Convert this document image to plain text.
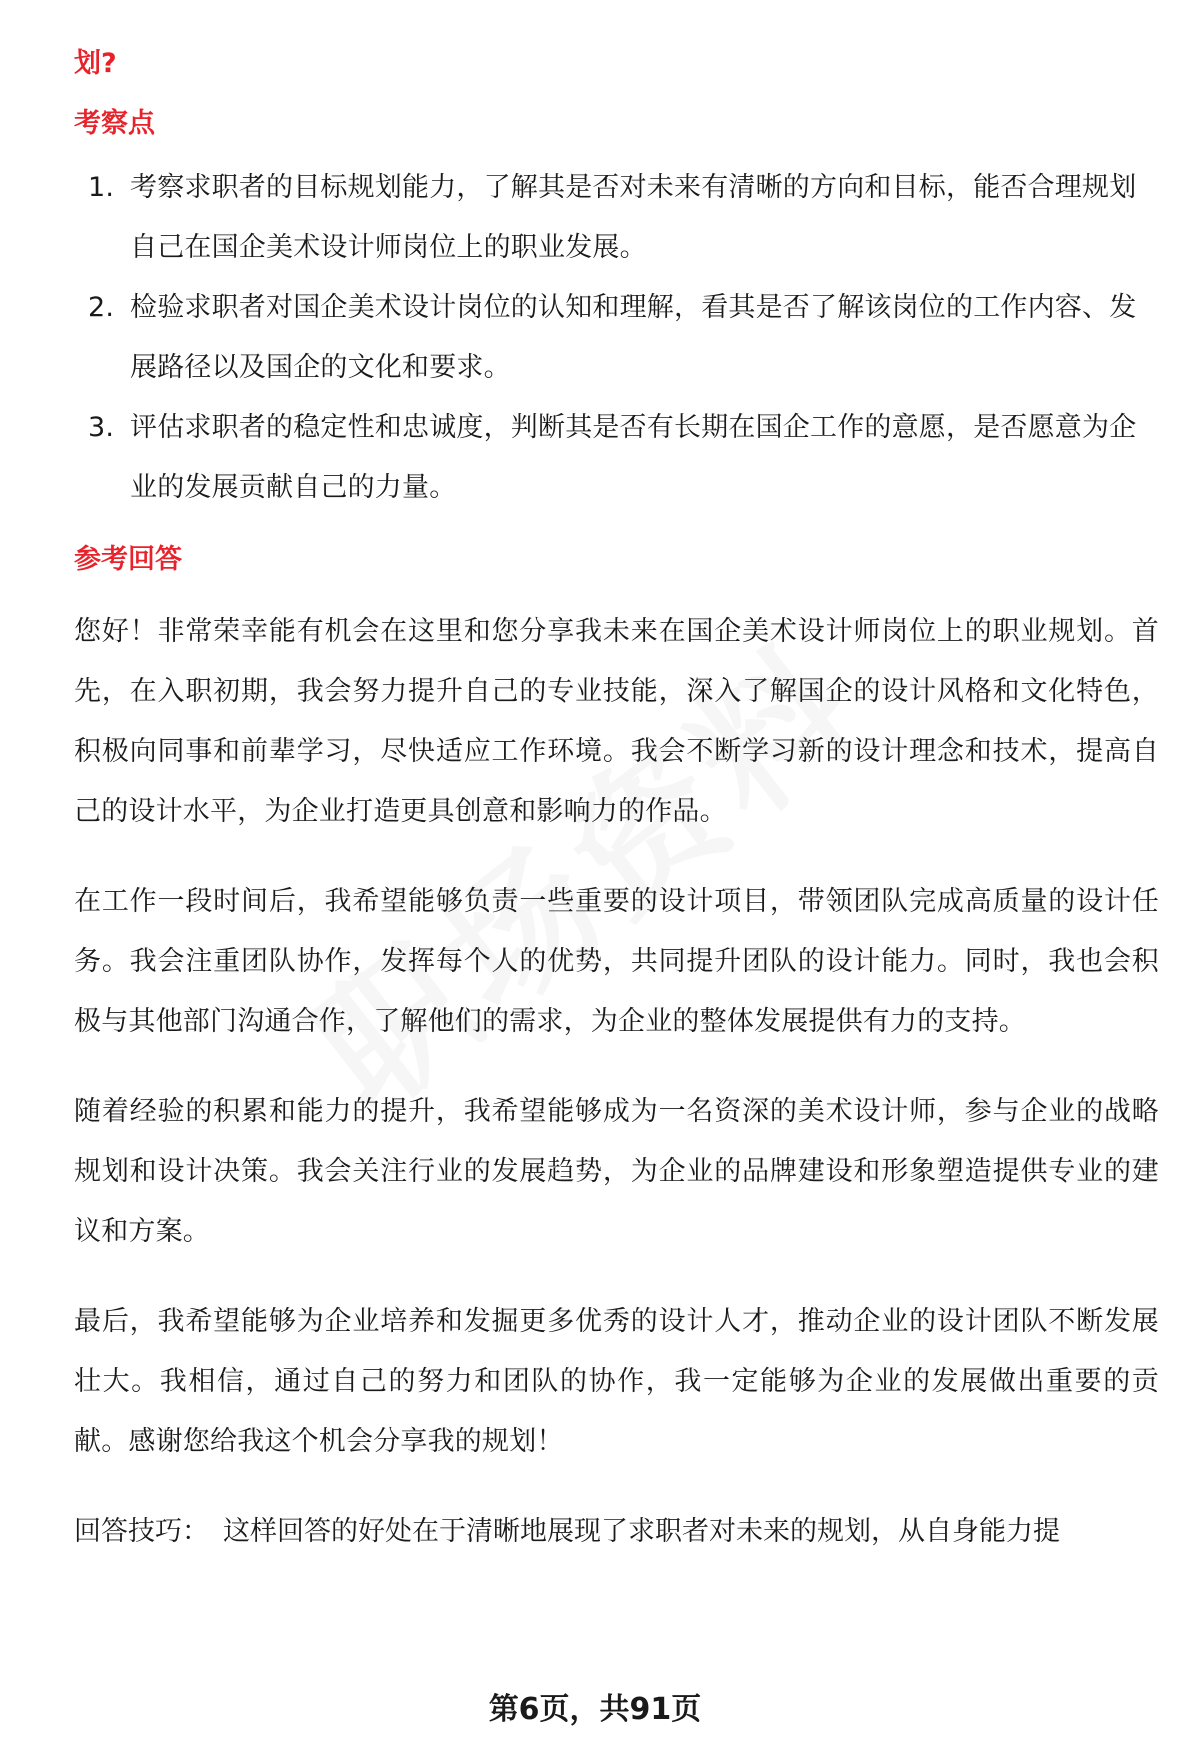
划?
考察点
1. 考察求职者的目标规划能力，了解其是否对未来有清晰的方向和目标，能否合理规划自己在国企美术设计师岗位上的职业发展。
2. 检验求职者对国企美术设计岗位的认知和理解，看其是否了解该岗位的工作内容、发展路径以及国企的文化和要求。
3. 评估求职者的稳定性和忠诚度，判断其是否有长期在国企工作的意愿，是否愿意为企业的发展贡献自己的力量。
参考回答

您好！非常荣幸能有机会在这里和您分享我未来在国企美术设计师岗位上的职业规划。首先，在入职初期，我会努力提升自己的专业技能，深入了解国企的设计风格和文化特色，积极向同事和前辈学习，尽快适应工作环境。我会不断学习新的设计理念和技术，提高自己的设计水平，为企业打造更具创意和影响力的作品。

在工作一段时间后，我希望能够负责一些重要的设计项目，带领团队完成高质量的设计任务。我会注重团队协作，发挥每个人的优势，共同提升团队的设计能力。同时，我也会积极与其他部门沟通合作，了解他们的需求，为企业的整体发展提供有力的支持。

随着经验的积累和能力的提升，我希望能够成为一名资深的美术设计师，参与企业的战略规划和设计决策。我会关注行业的发展趋势，为企业的品牌建设和形象塑造提供专业的建议和方案。

最后，我希望能够为企业培养和发掘更多优秀的设计人才，推动企业的设计团队不断发展壮大。我相信，通过自己的努力和团队的协作，我一定能够为企业的发展做出重要的贡献。感谢您给我这个机会分享我的规划！

回答技巧： 这样回答的好处在于清晰地展现了求职者对未来的规划，从自身能力提

第6页，共91页
